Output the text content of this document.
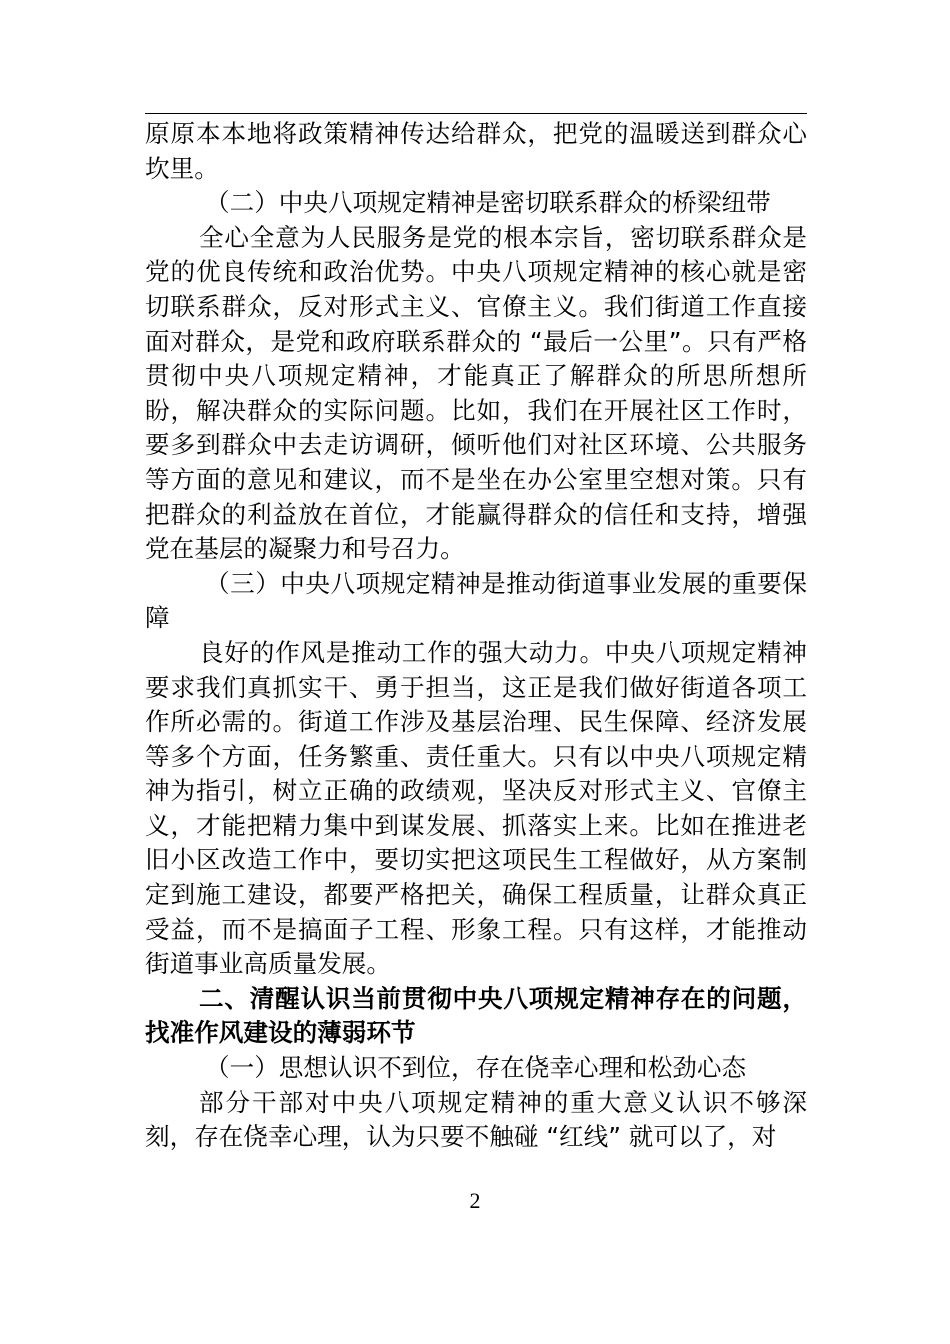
原原本本地将政策精神传达给群众，把党的温暖送到群众心坎里。

（二）中央八项规定精神是密切联系群众的桥梁纽带

全心全意为人民服务是党的根本宗旨，密切联系群众是党的优良传统和政治优势。中央八项规定精神的核心就是密切联系群众，反对形式主义、官僚主义。我们街道工作直接面对群众，是党和政府联系群众的 “最后一公里”。只有严格贯彻中央八项规定精神，才能真正了解群众的所思所想所盼，解决群众的实际问题。比如，我们在开展社区工作时，要多到群众中去走访调研，倾听他们对社区环境、公共服务等方面的意见和建议，而不是坐在办公室里空想对策。只有把群众的利益放在首位，才能赢得群众的信任和支持，增强党在基层的凝聚力和号召力。

（三）中央八项规定精神是推动街道事业发展的重要保障

良好的作风是推动工作的强大动力。中央八项规定精神要求我们真抓实干、勇于担当，这正是我们做好街道各项工作所必需的。街道工作涉及基层治理、民生保障、经济发展等多个方面，任务繁重、责任重大。只有以中央八项规定精神为指引，树立正确的政绩观，坚决反对形式主义、官僚主义，才能把精力集中到谋发展、抓落实上来。比如在推进老旧小区改造工作中，要切实把这项民生工程做好，从方案制定到施工建设，都要严格把关，确保工程质量，让群众真正受益，而不是搞面子工程、形象工程。只有这样，才能推动街道事业高质量发展。

二、清醒认识当前贯彻中央八项规定精神存在的问题，找准作风建设的薄弱环节

（一）思想认识不到位，存在侥幸心理和松劲心态

部分干部对中央八项规定精神的重大意义认识不够深刻，存在侥幸心理，认为只要不触碰 “红线” 就可以了，对

2
